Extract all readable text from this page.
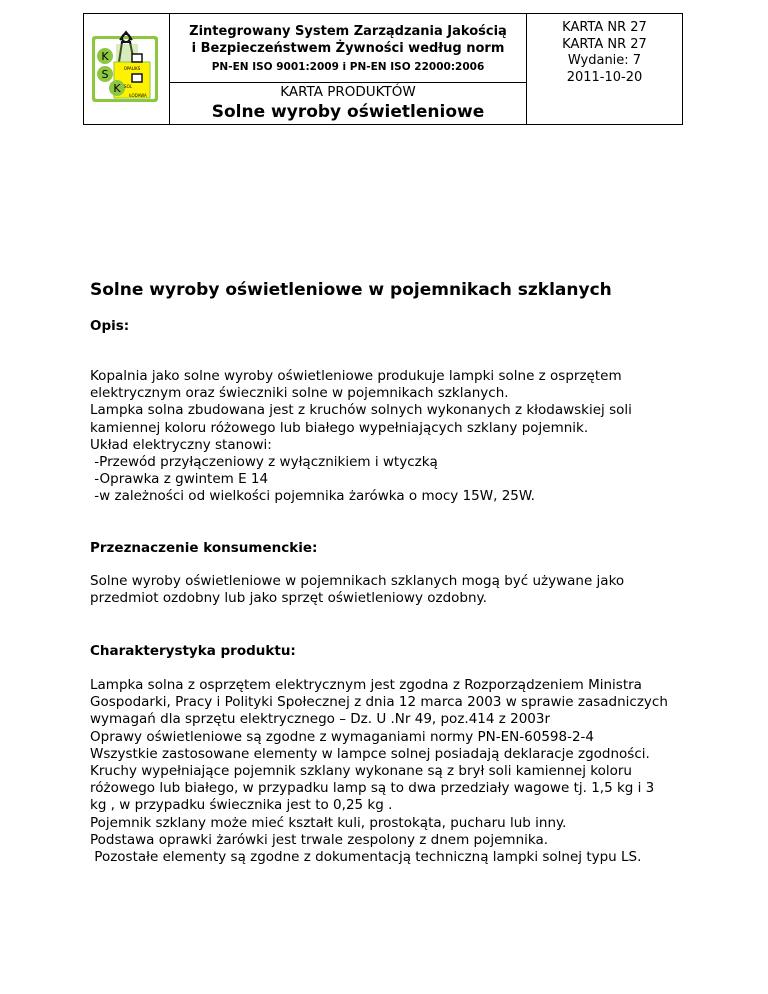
K
S
K
OPALIKS
SOL
ŁODAWA
Zintegrowany System Zarządzania Jakością
i Bezpieczeństwem Żywności według norm
PN-EN ISO 9001:2009 i PN-EN ISO 22000:2006
KARTA PRODUKTÓW
Solne wyroby oświetleniowe
KARTA NR 27
KARTA NR 27
Wydanie: 7
2011-10-20
Solne wyroby oświetleniowe w pojemnikach szklanych
Opis:
Kopalnia jako solne wyroby oświetleniowe produkuje lampki solne z osprzętem
elektrycznym oraz świeczniki solne w pojemnikach szklanych.
Lampka solna zbudowana jest z kruchów solnych wykonanych z kłodawskiej soli
kamiennej koloru różowego lub białego wypełniających szklany pojemnik.
Układ elektryczny stanowi:
-Przewód przyłączeniowy z wyłącznikiem i wtyczką
-Oprawka z gwintem E 14
-w zależności od wielkości pojemnika żarówka o mocy 15W, 25W.
Przeznaczenie konsumenckie:
Solne wyroby oświetleniowe w pojemnikach szklanych mogą być używane jako
przedmiot ozdobny lub jako sprzęt oświetleniowy ozdobny.
Charakterystyka produktu:
Lampka solna z osprzętem elektrycznym jest zgodna z Rozporządzeniem Ministra
Gospodarki, Pracy i Polityki Społecznej z dnia 12 marca 2003 w sprawie zasadniczych
wymagań dla sprzętu elektrycznego – Dz. U .Nr 49, poz.414 z 2003r
Oprawy oświetleniowe są zgodne z wymaganiami normy PN-EN-60598-2-4
Wszystkie zastosowane elementy w lampce solnej posiadają deklaracje zgodności.
Kruchy wypełniające pojemnik szklany wykonane są z brył soli kamiennej koloru
różowego lub białego, w przypadku lamp są to dwa przedziały wagowe tj. 1,5 kg i 3
kg , w przypadku świecznika jest to 0,25 kg .
Pojemnik szklany może mieć kształt kuli, prostokąta, pucharu lub inny.
Podstawa oprawki żarówki jest trwale zespolony z dnem pojemnika.
Pozostałe elementy są zgodne z dokumentacją techniczną lampki solnej typu LS.
